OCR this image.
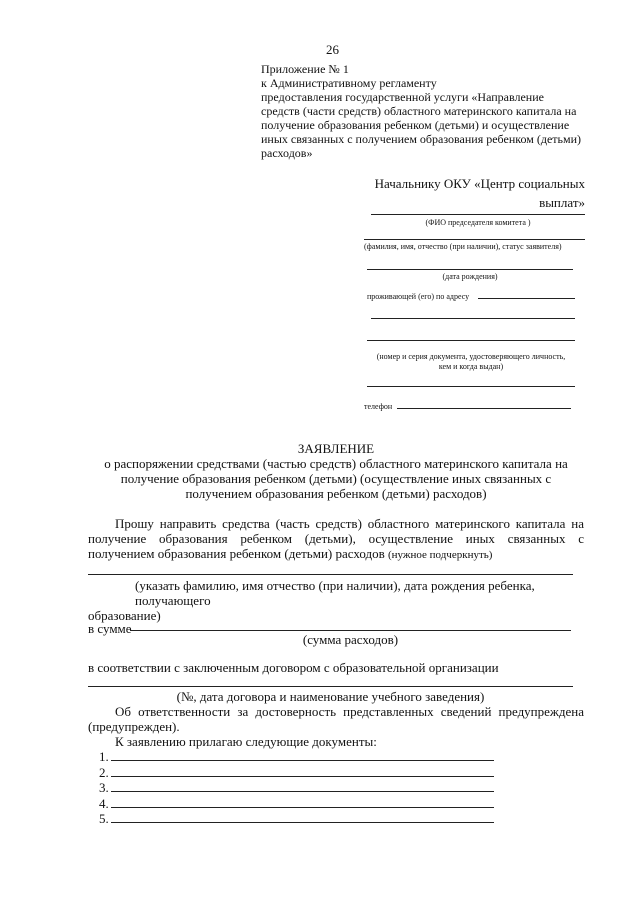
26
Приложение № 1
к Административному регламенту
предоставления государственной услуги «Направление
средств (части средств) областного материнского капитала на
получение образования ребенком (детьми) и осуществление
иных связанных с получением образования ребенком (детьми)
расходов»
Начальнику ОКУ «Центр социальных
выплат»
(ФИО председателя комитета )
(фамилия, имя, отчество (при наличии), статус заявителя)
(дата рождения)
проживающей (его) по адресу
(номер и серия документа, удостоверяющего личность,
кем и когда выдан)
телефон
ЗАЯВЛЕНИЕ
о распоряжении средствами (частью средств) областного материнского капитала на
получение образования ребенком (детьми) (осуществление иных связанных с
получением образования ребенком (детьми) расходов)
Прошу направить средства (часть средств) областного материнского капитала на
получение образования ребенком (детьми), осуществление иных связанных с
получением образования ребенком (детьми) расходов (нужное подчеркнуть)
(указать фамилию, имя отчество (при наличии), дата рождения ребенка, получающего
образование)
в сумме
(сумма расходов)
в соответствии с заключенным договором с образовательной организации
(№, дата договора и наименование учебного заведения)
Об ответственности за достоверность представленных сведений предупреждена
(предупрежден).
К заявлению прилагаю следующие документы:
1.
2.
3.
4.
5.
